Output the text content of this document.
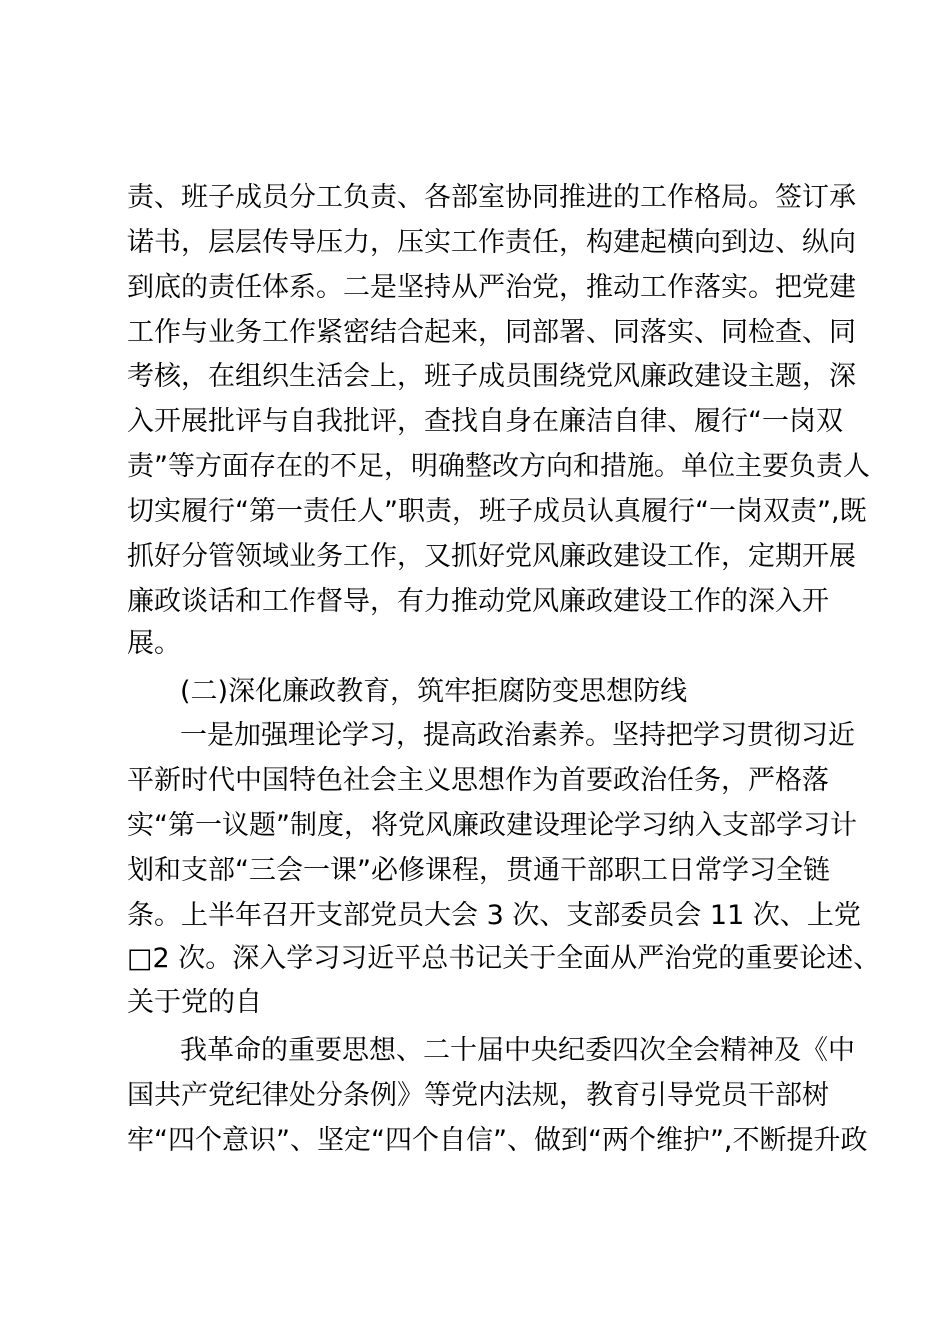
责、班子成员分工负责、各部室协同推进的工作格局。签订承
诺书，层层传导压力，压实工作责任，构建起横向到边、纵向
到底的责任体系。二是坚持从严治党，推动工作落实。把党建
工作与业务工作紧密结合起来，同部署、同落实、同检查、同
考核，在组织生活会上，班子成员围绕党风廉政建设主题，深
入开展批评与自我批评，查找自身在廉洁自律、履行“一岗双
责”等方面存在的不足，明确整改方向和措施。单位主要负责人
切实履行“第一责任人”职责，班子成员认真履行“一岗双责”,既
抓好分管领域业务工作，又抓好党风廉政建设工作，定期开展
廉政谈话和工作督导，有力推动党风廉政建设工作的深入开
展。
(二)深化廉政教育，筑牢拒腐防变思想防线
一是加强理论学习，提高政治素养。坚持把学习贯彻习近
平新时代中国特色社会主义思想作为首要政治任务，严格落
实“第一议题”制度，将党风廉政建设理论学习纳入支部学习计
划和支部“三会一课”必修课程，贯通干部职工日常学习全链
条。上半年召开支部党员大会 3 次、支部委员会 11 次、上党
□2 次。深入学习习近平总书记关于全面从严治党的重要论述、
关于党的自
我革命的重要思想、二十届中央纪委四次全会精神及《中
国共产党纪律处分条例》等党内法规，教育引导党员干部树
牢“四个意识”、坚定“四个自信”、做到“两个维护”,不断提升政
